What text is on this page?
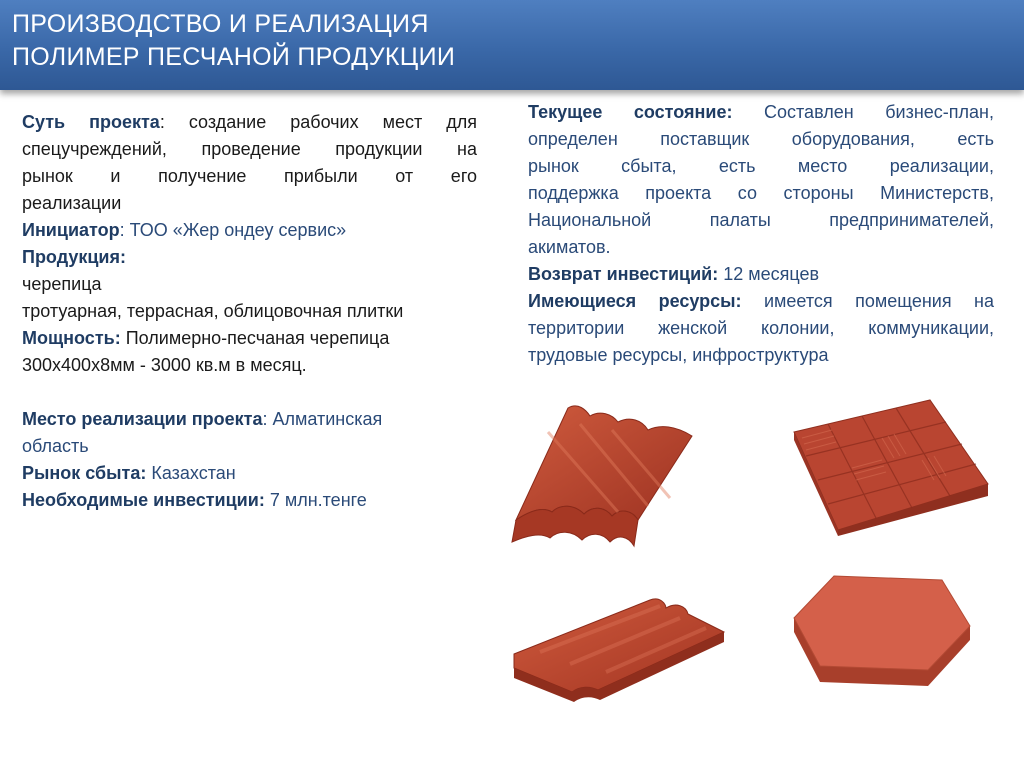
ПРОИЗВОДСТВО И РЕАЛИЗАЦИЯ
ПОЛИМЕР ПЕСЧАНОЙ ПРОДУКЦИИ

Суть проекта: создание рабочих мест для

спецучреждений, проведение продукции на

рынок и получение прибыли от его

реализации

Инициатор: ТОО «Жер ондеу сервис»

Продукция:

черепица

тротуарная, террасная, облицовочная плитки

Мощность: Полимерно-песчаная черепица

300х400х8мм - 3000 кв.м в месяц.

Место реализации проекта: Алматинская

область

Рынок сбыта: Казахстан

Необходимые инвестиции: 7 млн.тенге

Текущее состояние: Составлен бизнес-план,

определен поставщик оборудования, есть

рынок сбыта, есть место реализации,

поддержка проекта со стороны Министерств,

Национальной палаты предпринимателей,

акиматов.

Возврат инвестиций: 12 месяцев

Имеющиеся ресурсы: имеется помещения на

территории женской колонии, коммуникации,

трудовые ресурсы, инфроструктура
